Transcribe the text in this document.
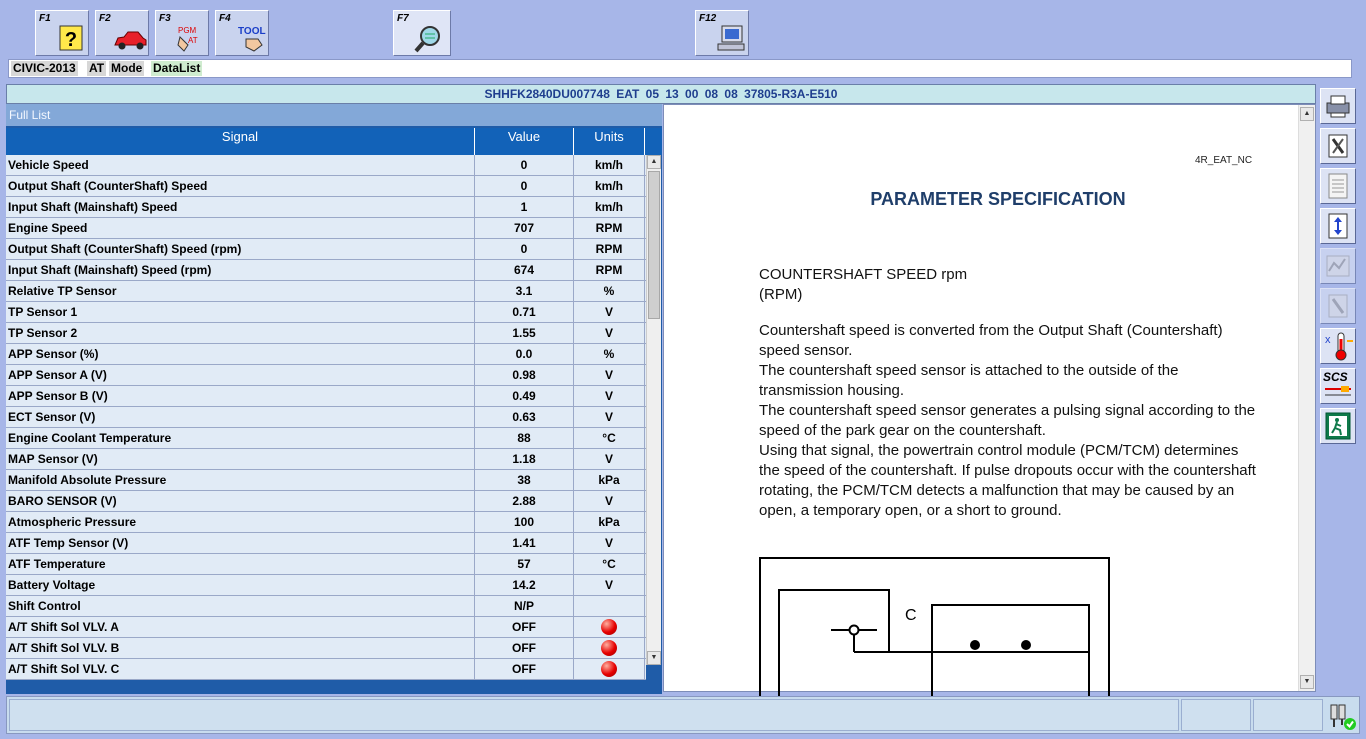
F1
?
F2	F3
PGM
AT
F4
TOOL
F7	F12
CIVIC-2013 AT Mode DataList
SHHFK2840DU007748 EAT 05 13 00 08 08 37805-R3A-E510
Full List
Signal	Value	Units
Vehicle Speed	0	km/h
Output Shaft (CounterShaft) Speed	0	km/h
Input Shaft (Mainshaft) Speed	1	km/h
Engine Speed	707	RPM
Output Shaft (CounterShaft) Speed (rpm)	0	RPM
Input Shaft (Mainshaft) Speed (rpm)	674	RPM
Relative TP Sensor	3.1	%
TP Sensor 1	0.71	V
TP Sensor 2	1.55	V
APP Sensor (%)	0.0	%
APP Sensor A (V)	0.98	V
APP Sensor B (V)	0.49	V
ECT Sensor (V)	0.63	V
Engine Coolant Temperature	88	°C
MAP Sensor (V)	1.18	V
Manifold Absolute Pressure	38	kPa
BARO SENSOR (V)	2.88	V
Atmospheric Pressure	100	kPa
ATF Temp Sensor (V)	1.41	V
ATF Temperature	57	°C
Battery Voltage	14.2	V
Shift Control	N/P
A/T Shift Sol VLV. A	OFF
A/T Shift Sol VLV. B	OFF
A/T Shift Sol VLV. C	OFF
▲
▼
4R_EAT_NC
PARAMETER SPECIFICATION
COUNTERSHAFT SPEED rpm
(RPM)
Countershaft speed is converted from the Output Shaft (Countershaft) speed sensor.
The countershaft speed sensor is attached to the outside of the transmission housing.
The countershaft speed sensor generates a pulsing signal according to the speed of the park gear on the countershaft.
Using that signal, the powertrain control module (PCM/TCM) determines the speed of the countershaft. If pulse dropouts occur with the countershaft rotating, the PCM/TCM detects a malfunction that may be caused by an open, a temporary open, or a short to ground.
C
▲
▼
x
SCS
